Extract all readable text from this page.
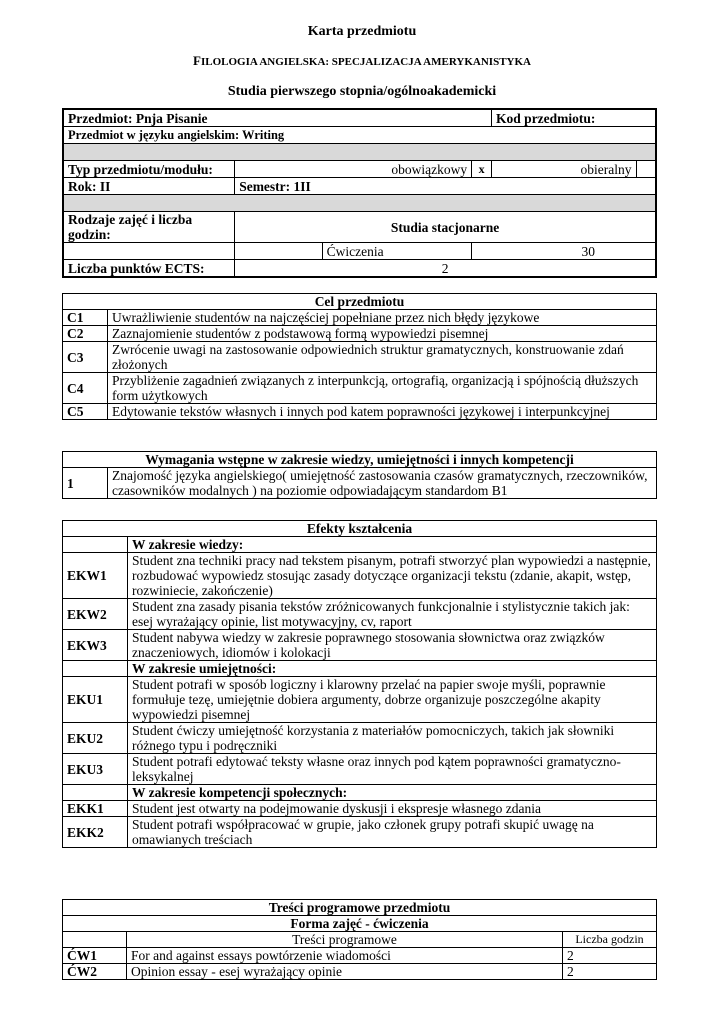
Karta przedmiotu
FILOLOGIA ANGIELSKA: SPECJALIZACJA AMERYKANISTYKA
Studia pierwszego stopnia/ogólnoakademicki
Przedmiot: Pnja Pisanie				Kod przedmiotu:	
Przedmiot w języku angielskim: Writing					

Typ przedmiotu/modułu:	obowiązkowy		x	obieralny	
Rok: II	Semestr: 1II				

Rodzaje zajęć i liczba godzin:	Studia stacjonarne				
		Ćwiczenia	30		
Liczba punktów ECTS:	2				
Cel przedmiotu	
C1	Uwrażliwienie studentów na najczęściej popełniane przez nich błędy językowe
C2	Zaznajomienie studentów z podstawową formą wypowiedzi pisemnej
C3	Zwrócenie uwagi na zastosowanie odpowiednich struktur gramatycznych, konstruowanie zdań złożonych
C4	Przybliżenie zagadnień związanych z interpunkcją, ortografią, organizacją i spójnością dłuższych form użytkowych
C5	Edytowanie tekstów własnych i innych pod katem poprawności językowej i interpunkcyjnej
Wymagania wstępne w zakresie wiedzy, umiejętności i innych kompetencji
1	Znajomość języka angielskiego( umiejętność zastosowania czasów gramatycznych, rzeczowników, czasowników modalnych ) na poziomie odpowiadającym standardom B1
Efekty kształcenia	
	W zakresie wiedzy:
EKW1	Student zna techniki pracy nad tekstem pisanym, potrafi stworzyć plan wypowiedzi a następnie, rozbudować wypowiedz stosując zasady dotyczące organizacji tekstu (zdanie, akapit, wstęp, rozwiniecie, zakończenie)
EKW2	Student zna zasady pisania tekstów zróżnicowanych funkcjonalnie i stylistycznie takich jak: esej wyrażający opinie, list motywacyjny, cv, raport
EKW3	Student nabywa wiedzy w zakresie poprawnego stosowania słownictwa oraz związków znaczeniowych, idiomów i kolokacji
	W zakresie umiejętności:
EKU1	Student potrafi w sposób logiczny i klarowny przelać na papier swoje myśli, poprawnie formułuje tezę, umiejętnie dobiera argumenty, dobrze organizuje poszczególne akapity wypowiedzi pisemnej
EKU2	Student ćwiczy umiejętność korzystania z materiałów pomocniczych, takich jak słowniki różnego typu i podręczniki
EKU3	Student potrafi edytować teksty własne oraz innych pod kątem poprawności gramatyczno- leksykalnej
	W zakresie kompetencji społecznych:
EKK1	Student jest otwarty na podejmowanie dyskusji i ekspresje własnego zdania
EKK2	Student potrafi współpracować w grupie, jako członek grupy potrafi skupić uwagę na omawianych treściach
Treści programowe przedmiotu		
Forma zajęć - ćwiczenia		
	Treści programowe	Liczba godzin
ĆW1	For and against essays powtórzenie wiadomości	2
ĆW2	Opinion essay - esej wyrażający opinie	2
